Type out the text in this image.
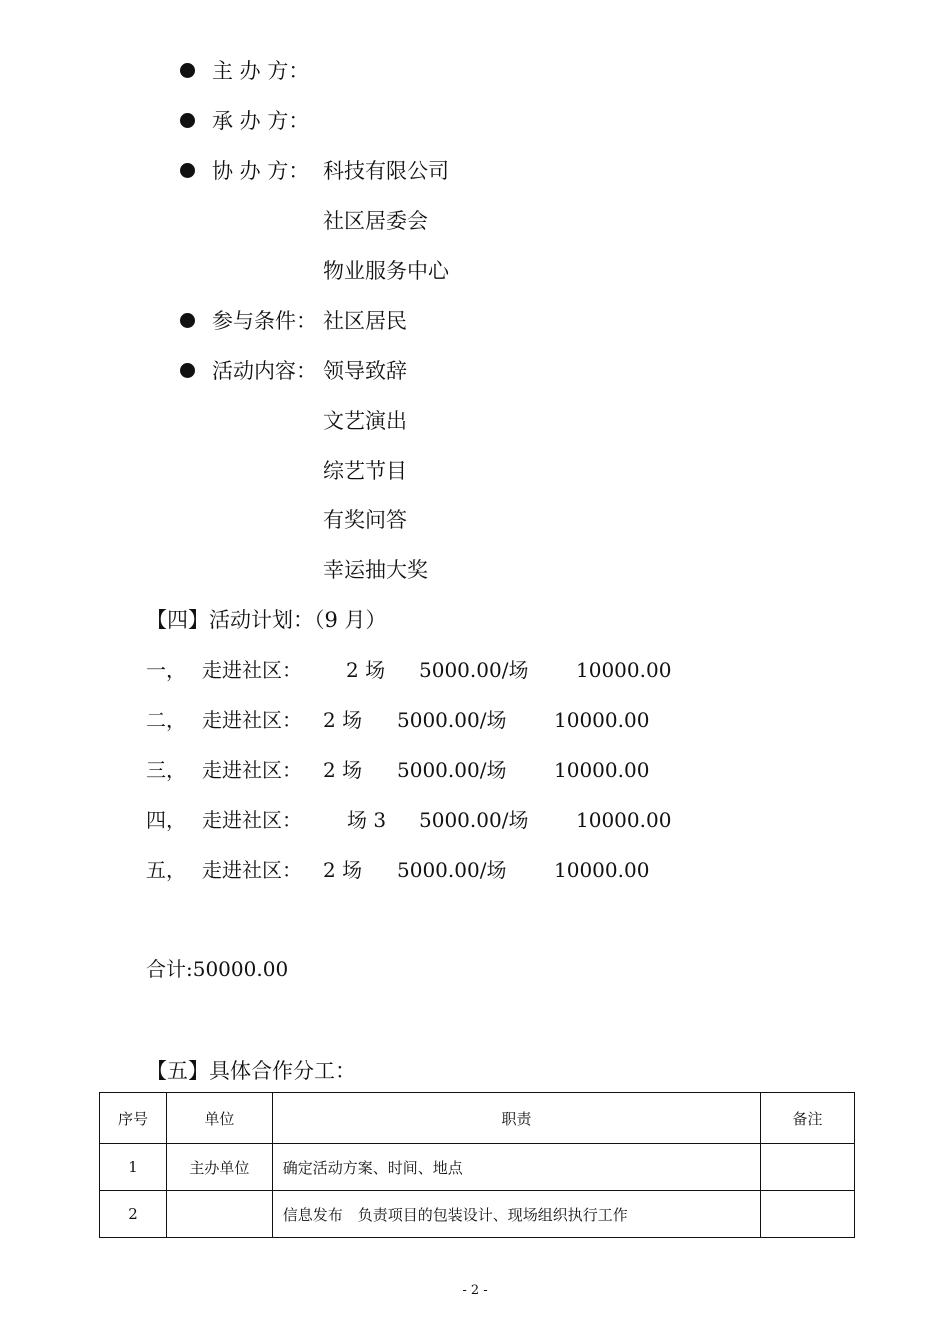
主 办 方：
承 办 方：
协 办 方： 科技有限公司
社区居委会
物业服务中心
参与条件： 社区居民
活动内容： 领导致辞
文艺演出
综艺节目
有奖问答
幸运抽大奖
【四】活动计划：（9 月）
一， 走进社区： 2 场 5000.00/场 10000.00
二， 走进社区： 2 场 5000.00/场 10000.00
三， 走进社区： 2 场 5000.00/场 10000.00
四， 走进社区： 场 3 5000.00/场 10000.00
五， 走进社区： 2 场 5000.00/场 10000.00
合计:50000.00
【五】具体合作分工：
序号	单位	职责	备注
1	主办单位	确定活动方案、时间、地点	
2		信息发布　负责项目的包装设计、现场组织执行工作	
- 2 -
